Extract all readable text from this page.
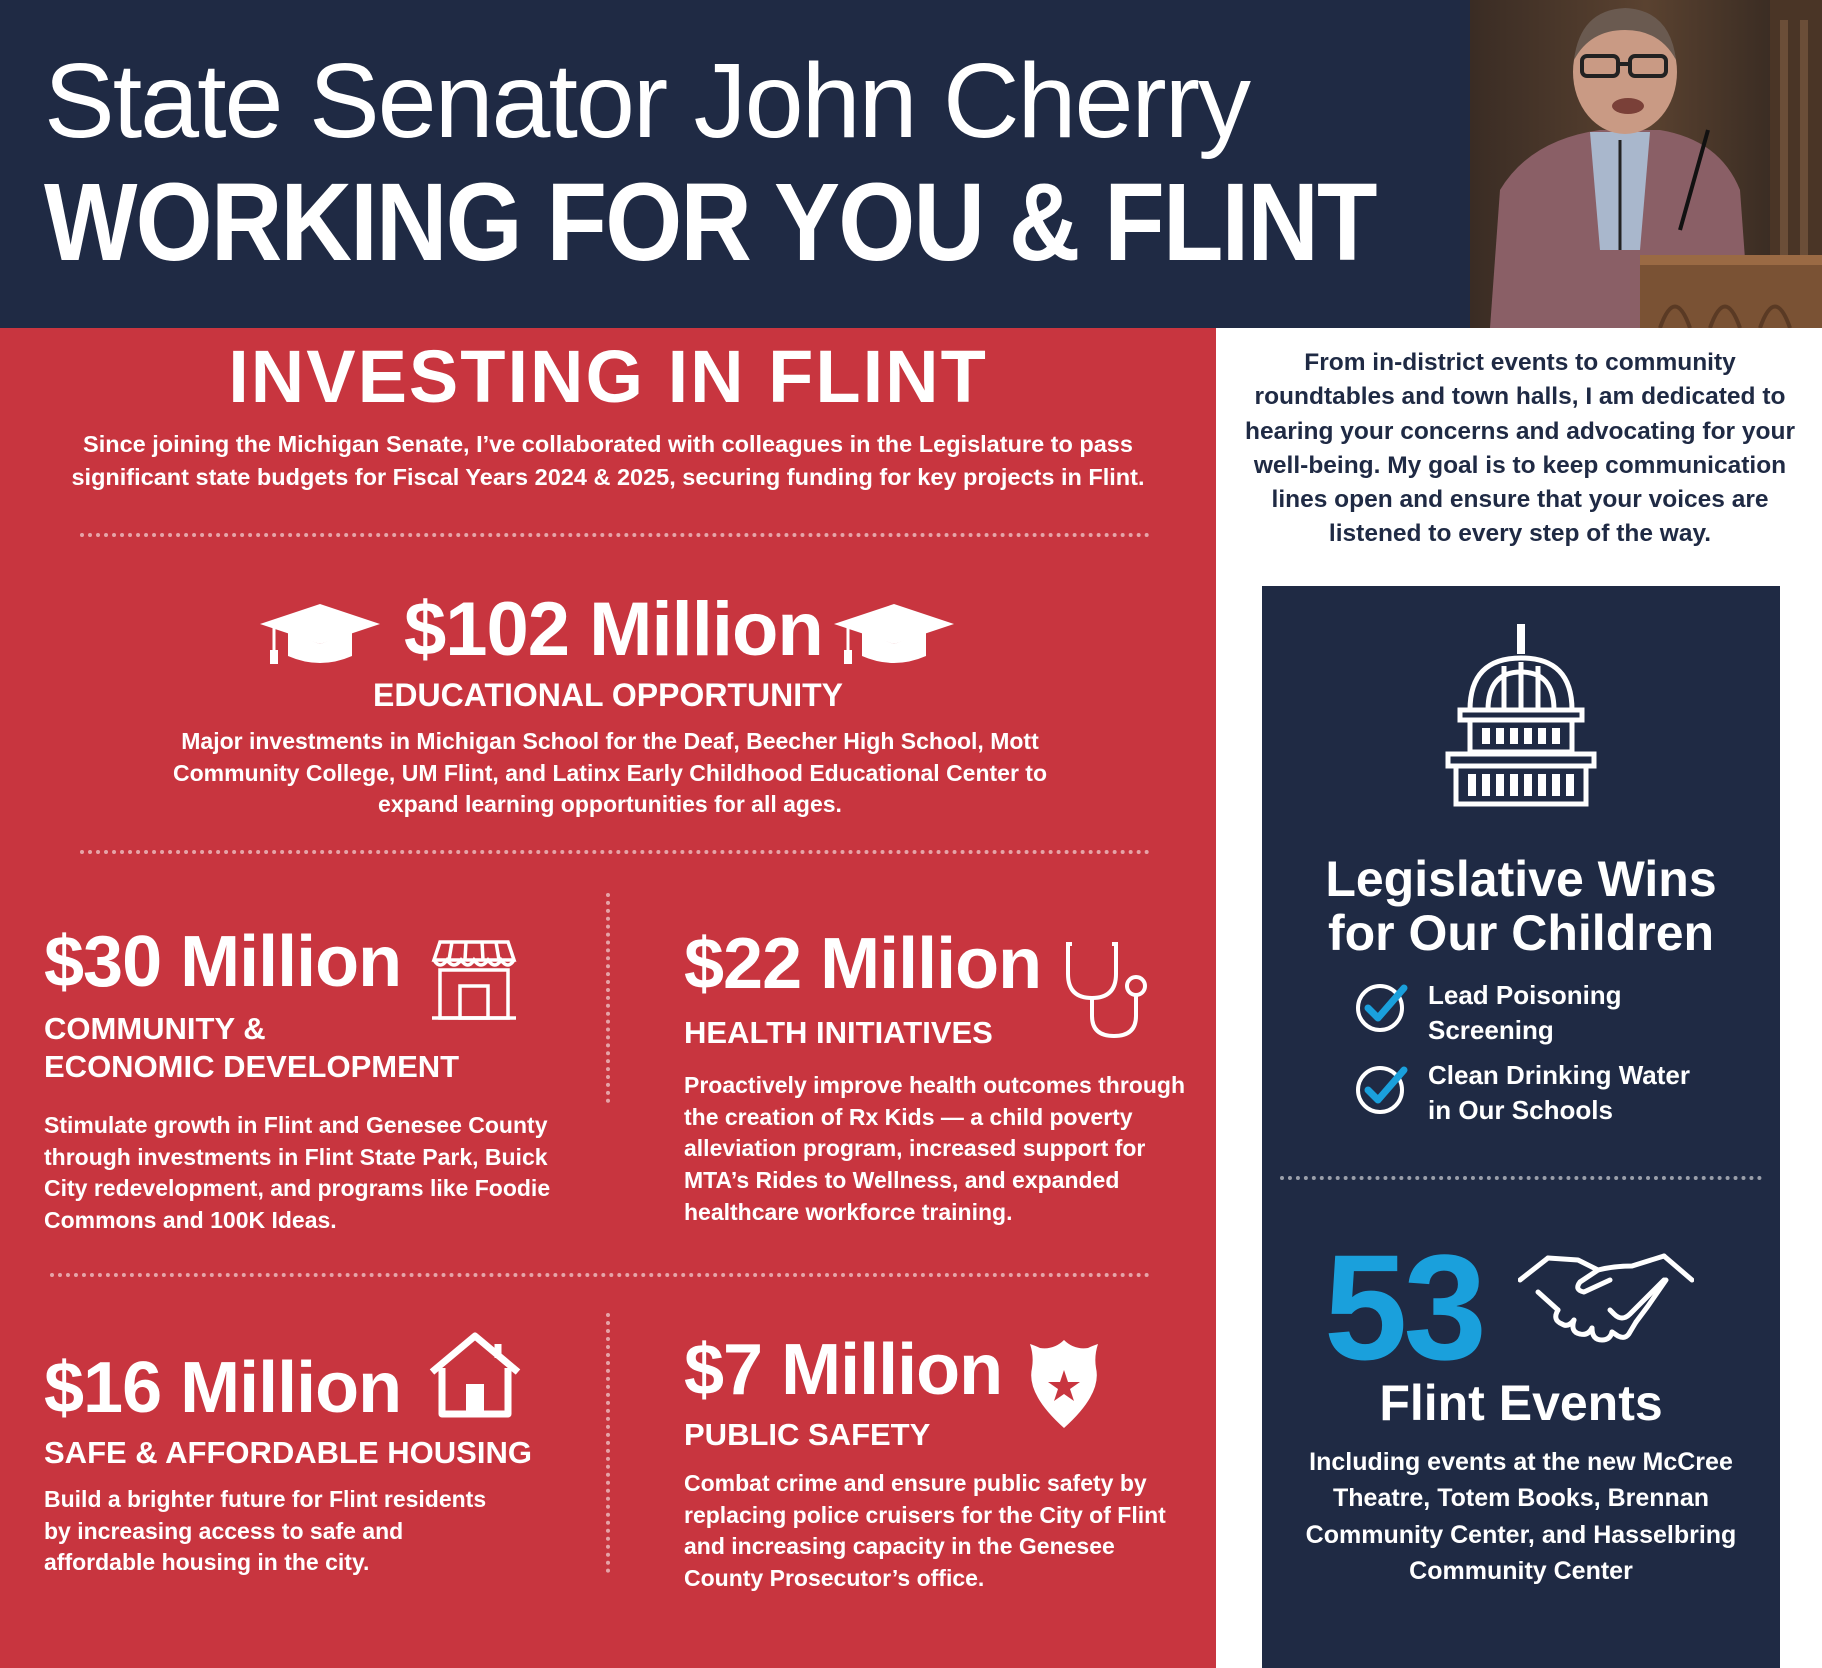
State Senator John Cherry
WORKING FOR YOU & FLINT
INVESTING IN FLINT
Since joining the Michigan Senate, I’ve collaborated with colleagues in the Legislature to pass significant state budgets for Fiscal Years 2024 & 2025, securing funding for key projects in Flint.
$102 Million
EDUCATIONAL OPPORTUNITY
Major investments in Michigan School for the Deaf, Beecher High School, Mott Community College, UM Flint, and Latinx Early Childhood Educational Center to expand learning opportunities for all ages.
$30 Million
COMMUNITY &
ECONOMIC DEVELOPMENT
Stimulate growth in Flint and Genesee County through investments in Flint State Park, Buick City redevelopment, and programs like Foodie Commons and 100K Ideas.
$22 Million
HEALTH INITIATIVES
Proactively improve health outcomes through the creation of Rx Kids — a child poverty alleviation program, increased support for MTA’s Rides to Wellness, and expanded healthcare workforce training.
$16 Million
SAFE & AFFORDABLE HOUSING
Build a brighter future for Flint residents by increasing access to safe and affordable housing in the city.
$7 Million
PUBLIC SAFETY
Combat crime and ensure public safety by replacing police cruisers for the City of Flint and increasing capacity in the Genesee County Prosecutor’s office.
From in-district events to community roundtables and town halls, I am dedicated to hearing your concerns and advocating for your well-being. My goal is to keep communication lines open and ensure that your voices are listened to every step of the way.
Legislative Wins
for Our Children
Lead Poisoning
Screening
Clean Drinking Water
in Our Schools
53
Flint Events
Including events at the new McCree Theatre, Totem Books, Brennan Community Center, and Hasselbring Community Center
